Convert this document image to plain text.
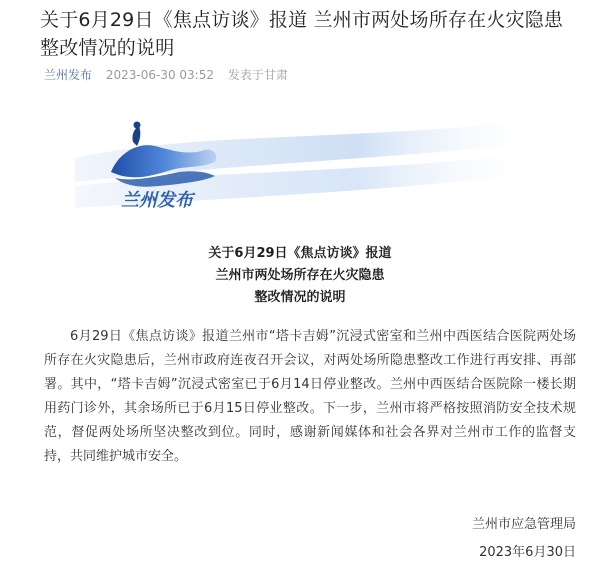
关于6月29日《焦点访谈》报道 兰州市两处场所存在火灾隐患整改情况的说明
兰州发布 2023-06-30 03:52 发表于甘肃
兰州发布
关于6月29日《焦点访谈》报道
兰州市两处场所存在火灾隐患
整改情况的说明

6月29日《焦点访谈》报道兰州市“塔卡吉姆”沉浸式密室和兰州中西医结合医院两处场所存在火灾隐患后，兰州市政府连夜召开会议，对两处场所隐患整改工作进行再安排、再部署。其中，“塔卡吉姆”沉浸式密室已于6月14日停业整改。兰州中西医结合医院除一楼长期用药门诊外，其余场所已于6月15日停业整改。下一步，兰州市将严格按照消防安全技术规范，督促两处场所坚决整改到位。同时，感谢新闻媒体和社会各界对兰州市工作的监督支持，共同维护城市安全。

兰州市应急管理局
2023年6月30日
